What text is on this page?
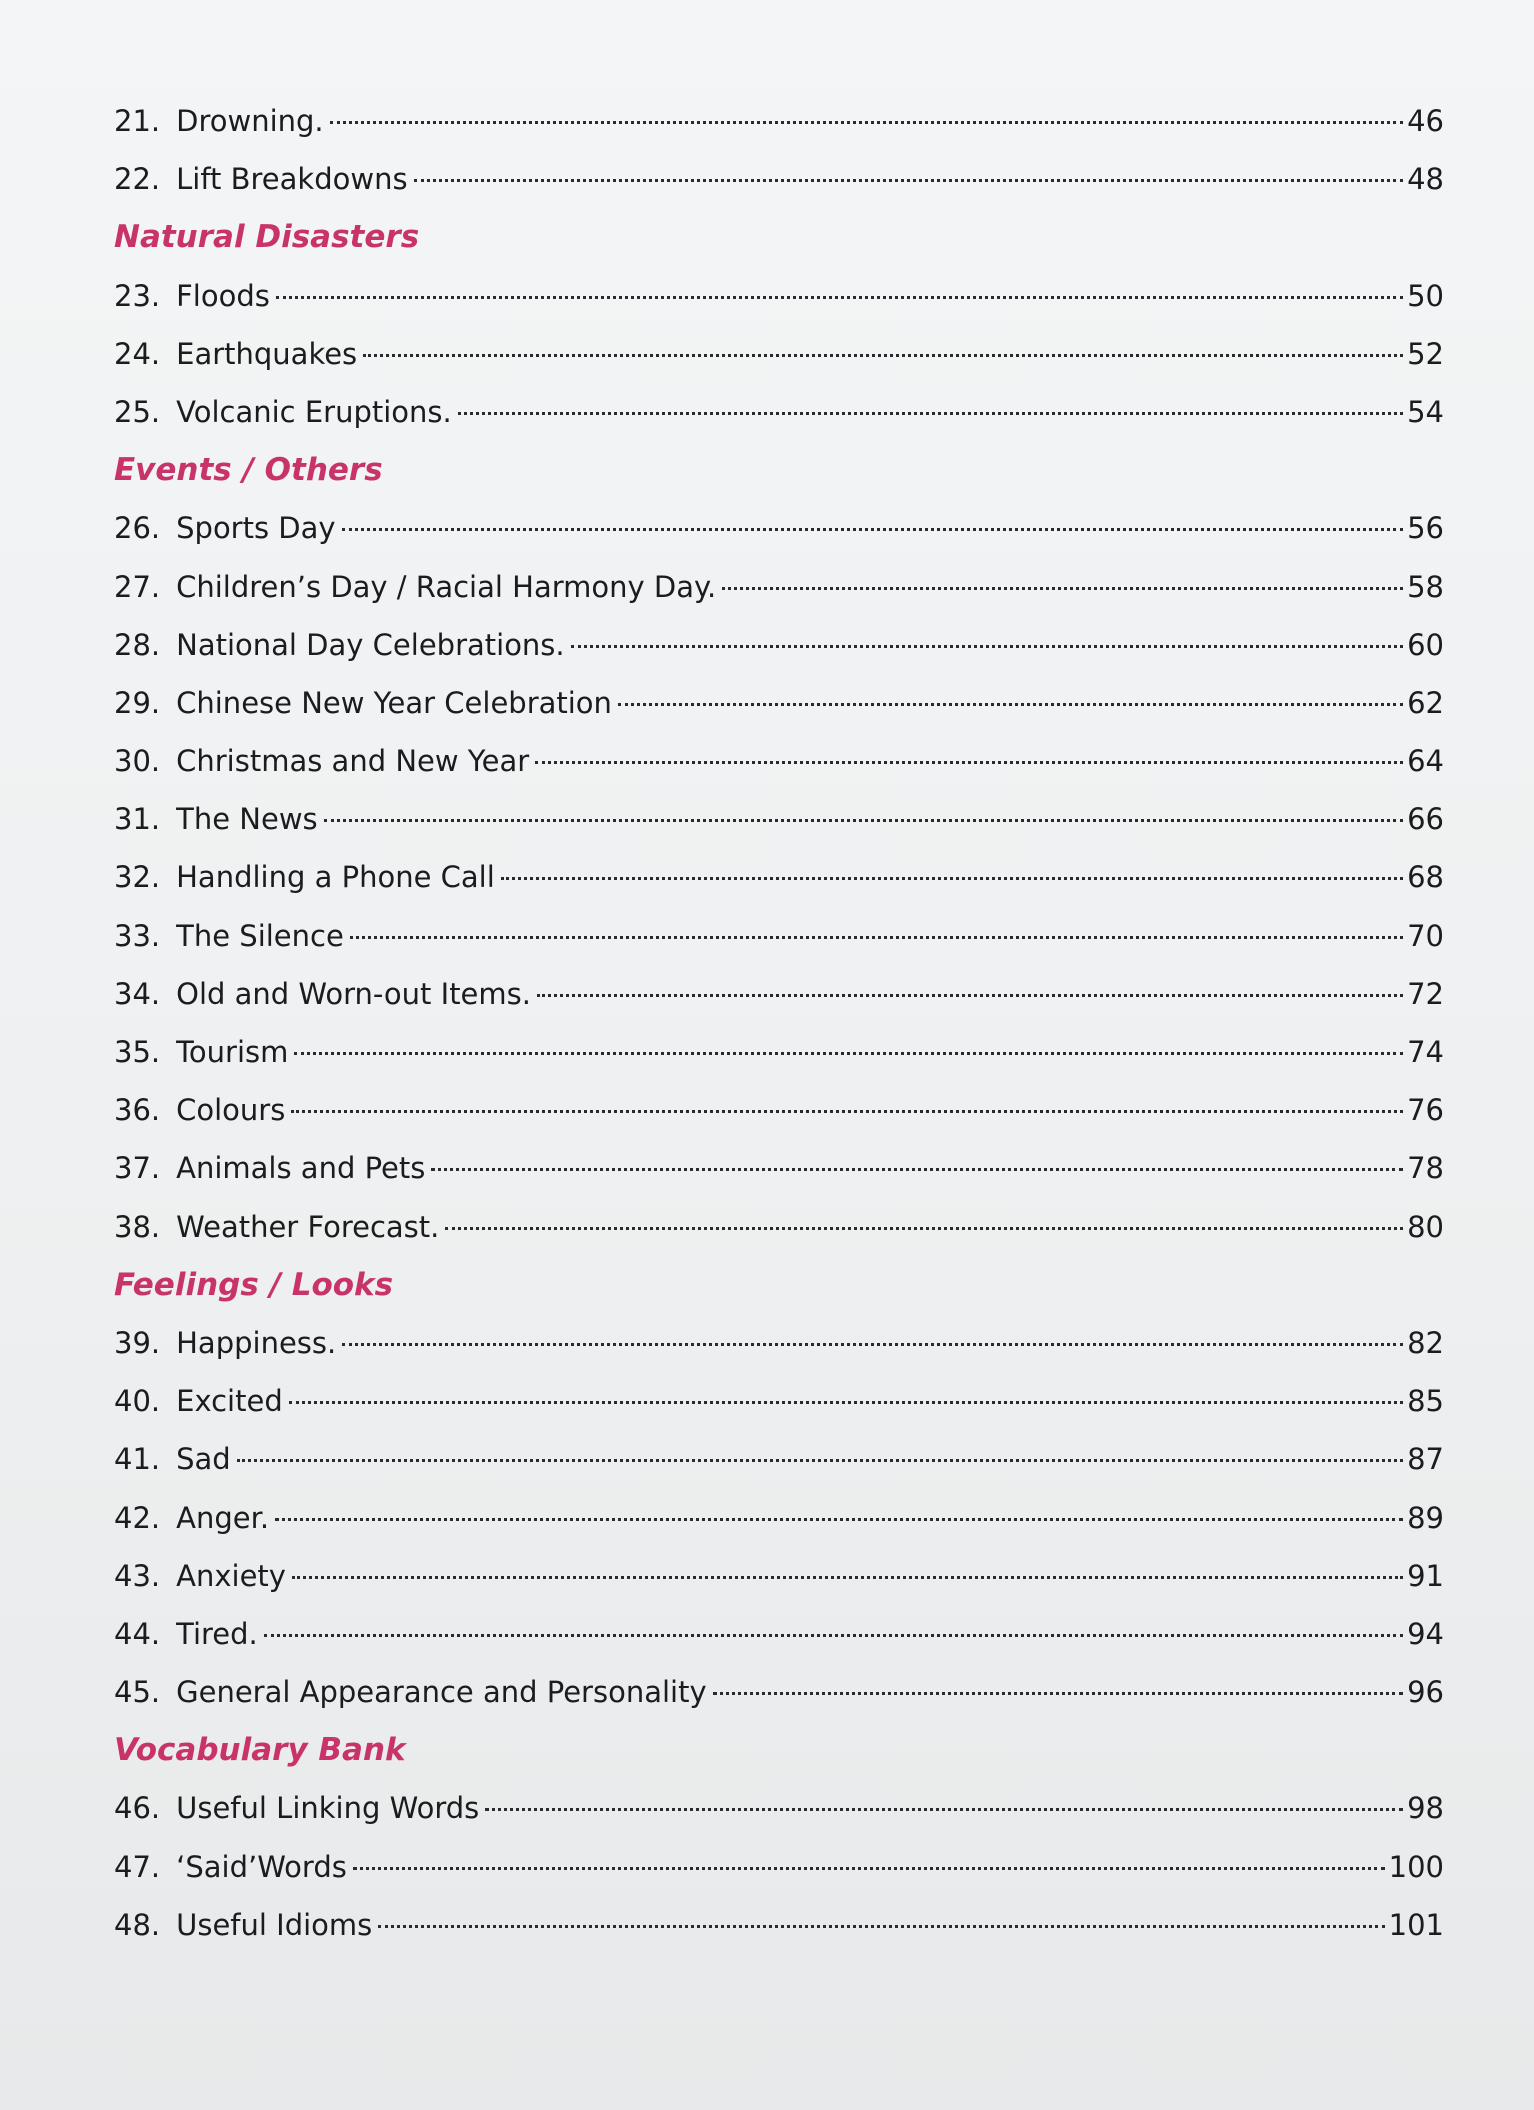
21. Drowning.	46
22. Lift Breakdowns	48
Natural Disasters
23. Floods	50
24. Earthquakes	52
25. Volcanic Eruptions.	54
Events / Others
26. Sports Day	56
27. Children’s Day / Racial Harmony Day.	58
28. National Day Celebrations.	60
29. Chinese New Year Celebration	62
30. Christmas and New Year	64
31. The News	66
32. Handling a Phone Call	68
33. The Silence	70
34. Old and Worn-out Items.	72
35. Tourism	74
36. Colours	76
37. Animals and Pets	78
38. Weather Forecast.	80
Feelings / Looks
39. Happiness.	82
40. Excited	85
41. Sad	87
42. Anger.	89
43. Anxiety	91
44. Tired.	94
45. General Appearance and Personality	96
Vocabulary Bank
46. Useful Linking Words	98
47. ‘Said’Words	100
48. Useful Idioms	101
